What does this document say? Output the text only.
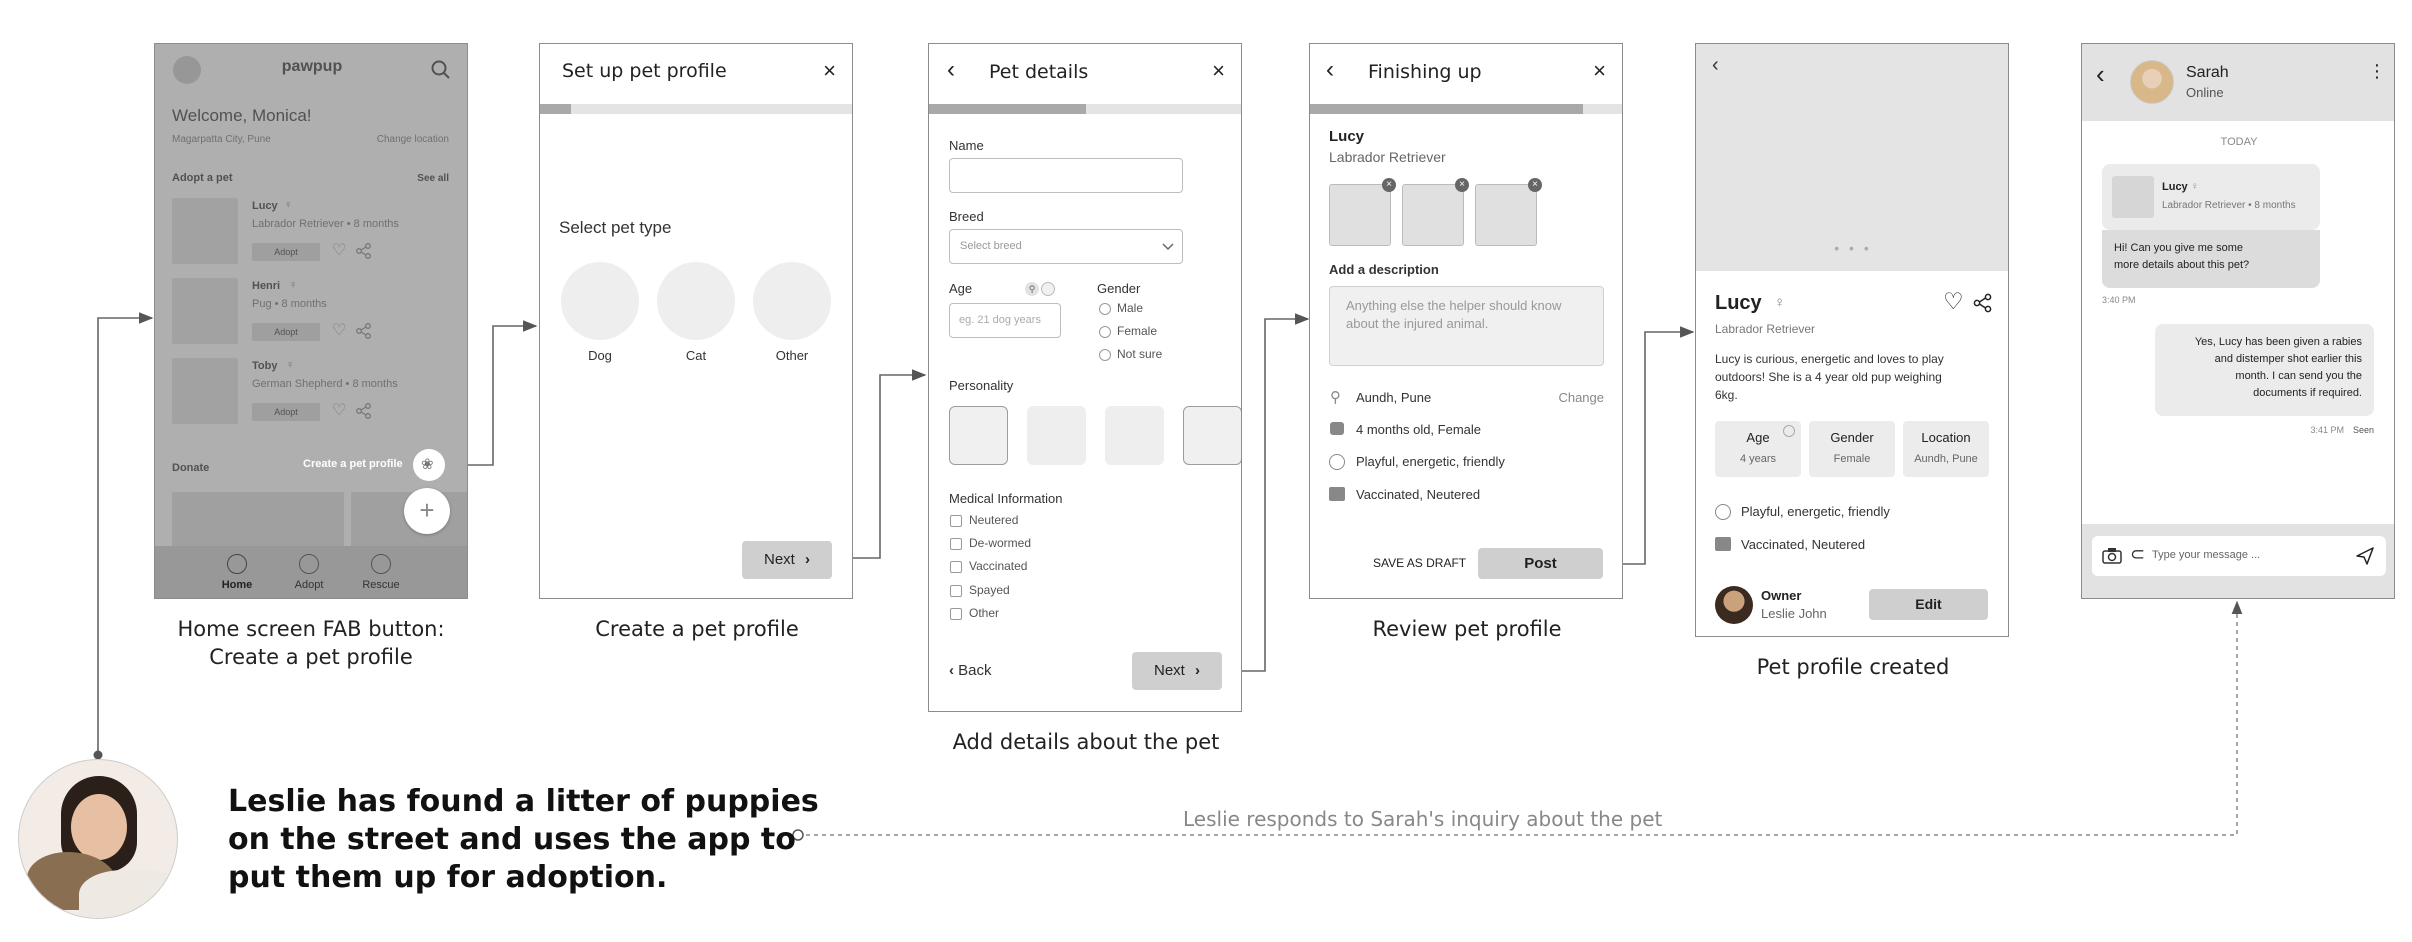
Create a pet profile ❀
+
Home	Adopt	Rescue
Home screen FAB button:
Create a pet profile
Set up pet profile	×
Select pet type
Dog	Cat	Other
Next ›
Create a pet profile
‹ Pet details	×
Name
Breed
Select breed
Age	⚲
eg. 21 dog years
Gender
Male
Female
Not sure
Personality
Medical Information
Neutered
De-wormed
Vaccinated
Spayed
Other
‹ Back	Next ›
Add details about the pet
‹ Finishing up	×
Lucy
Labrador Retriever
×	×	×
Add a description
Anything else the helper should know about the injured animal.
⚲ Aundh, Pune	Change
4 months old, Female
Playful, energetic, friendly
Vaccinated, Neutered
SAVE AS DRAFT	Post
Review pet profile
‹
• • •
Lucy ♀	♡
Labrador Retriever
Lucy is curious, energetic and loves to play
outdoors! She is a 4 year old pup weighing
6kg.
Age
4 years
Gender
Female
Location
Aundh, Pune
Playful, energetic, friendly
Vaccinated, Neutered
Owner
Leslie John
Edit
Pet profile created
‹	Sarah
Online
⋮
TODAY
Lucy ♀
Labrador Retriever • 8 months
Hi! Can you give me some
more details about this pet?
3:40 PM
Yes, Lucy has been given a rabies
and distemper shot earlier this
month. I can send you the
documents if required.
3:41 PM Seen
⊂ Type your message ...
Leslie has found a litter of puppies
on the street and uses the app to
put them up for adoption.
Leslie responds to Sarah's inquiry about the pet
